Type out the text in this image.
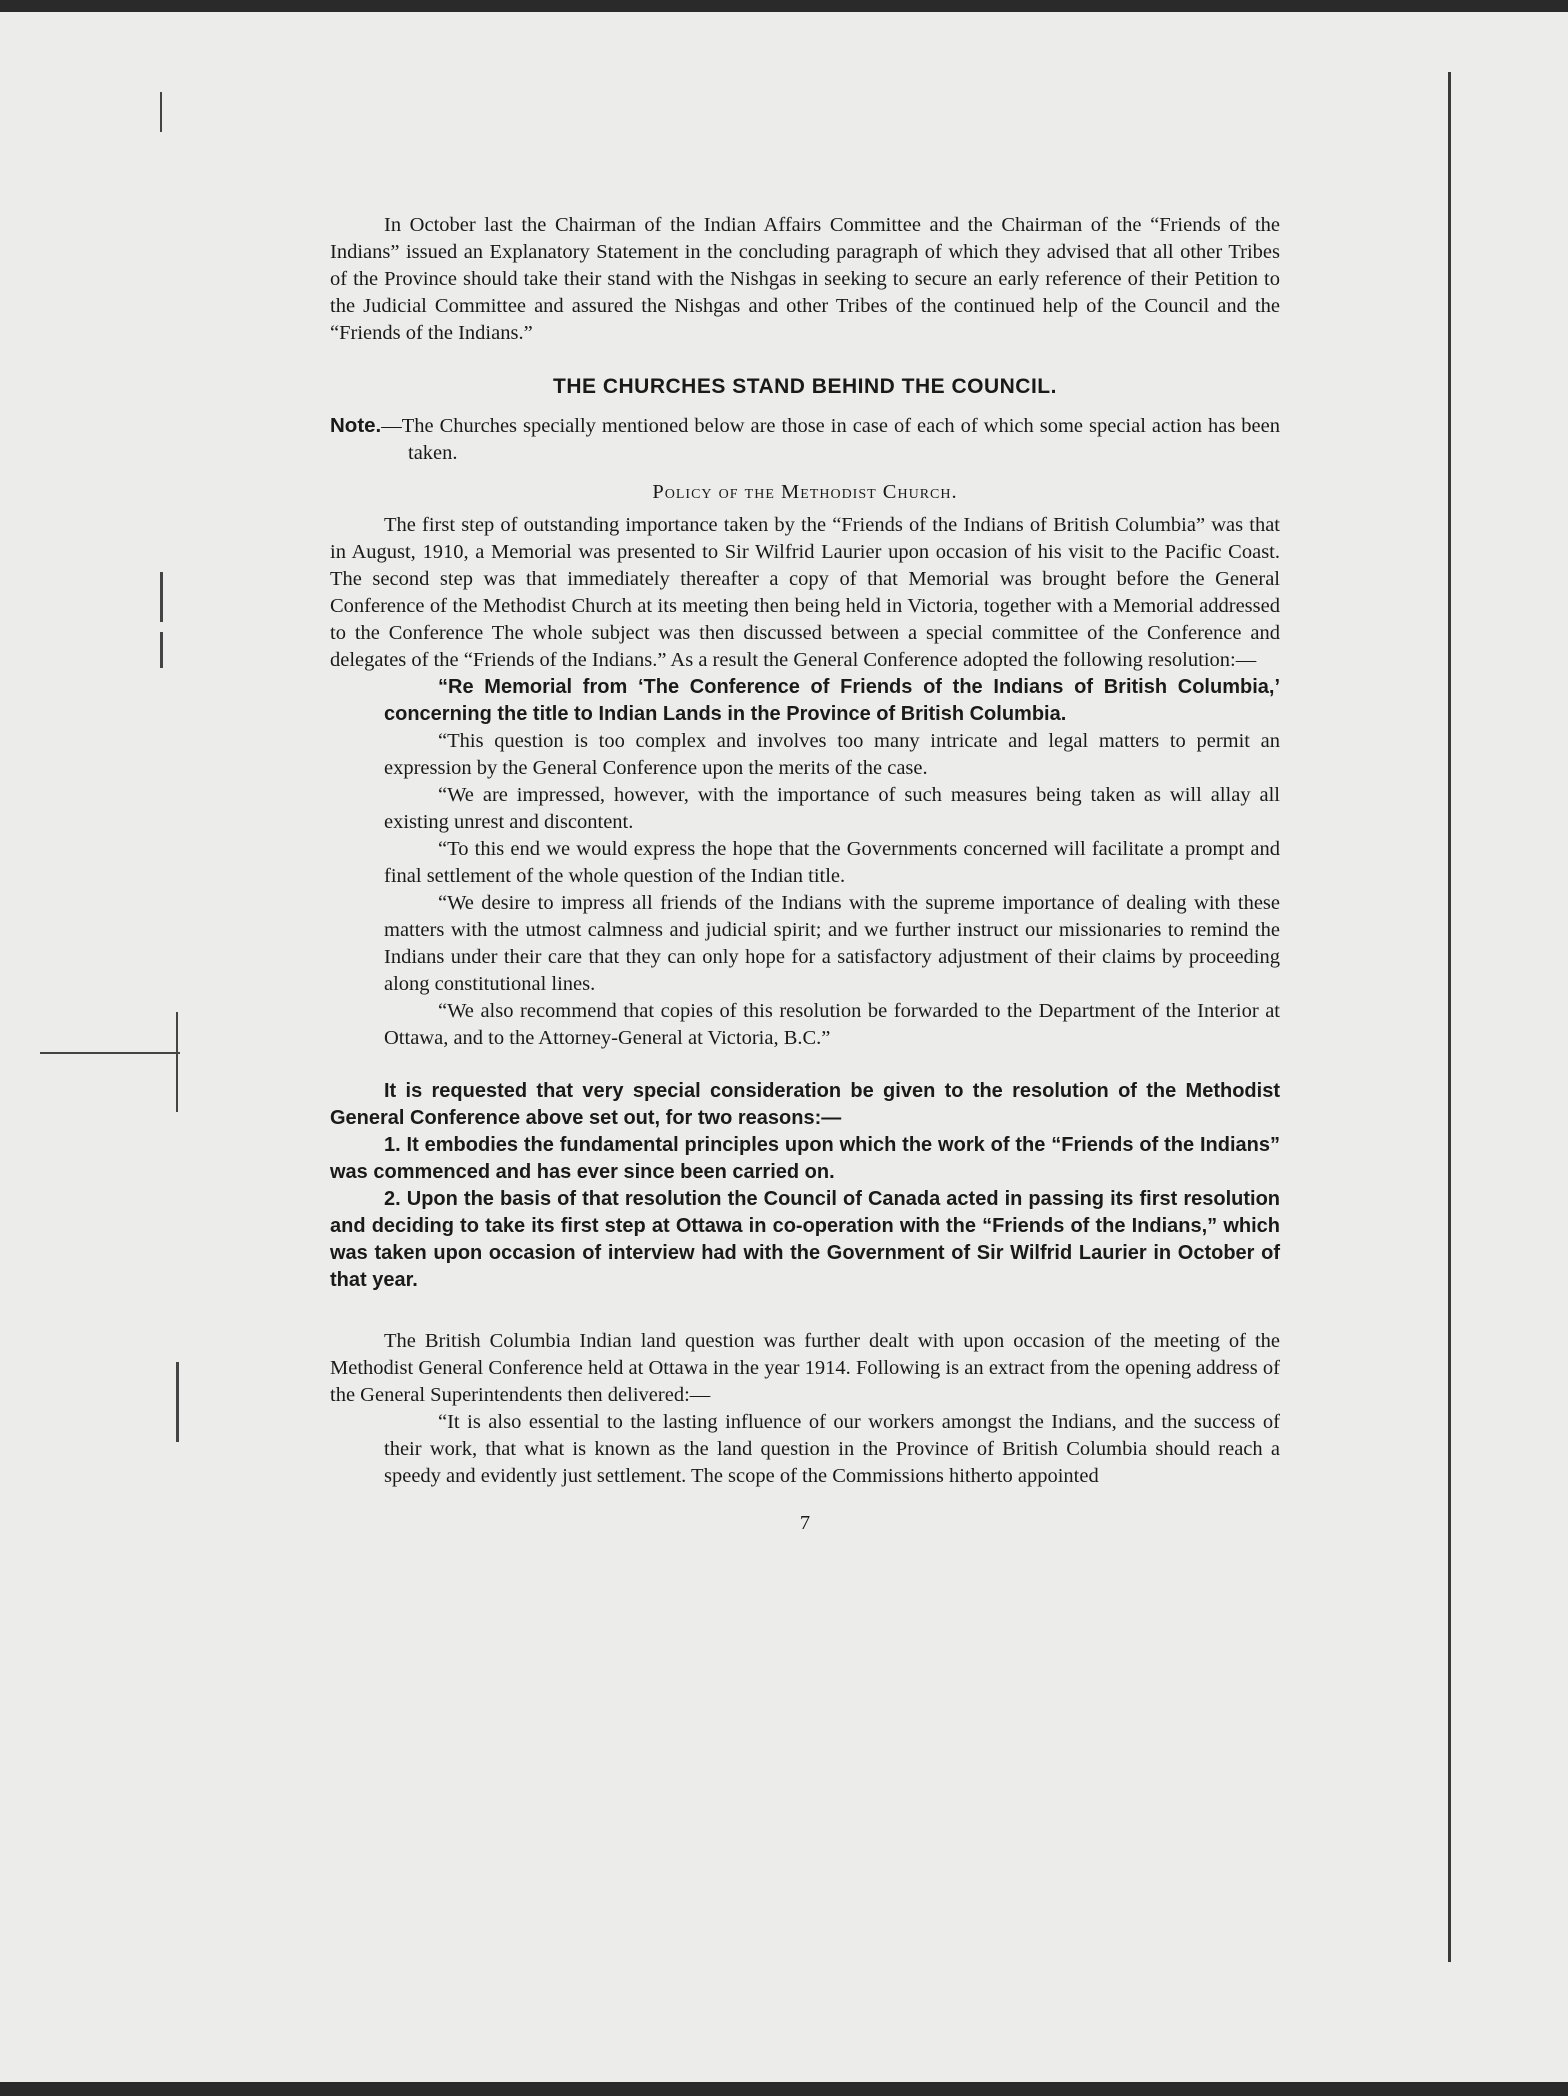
In October last the Chairman of the Indian Affairs Committee and the Chairman of the “Friends of the Indians” issued an Explanatory Statement in the concluding paragraph of which they advised that all other Tribes of the Province should take their stand with the Nishgas in seeking to secure an early reference of their Petition to the Judicial Committee and assured the Nishgas and other Tribes of the continued help of the Council and the “Friends of the Indians.”

THE CHURCHES STAND BEHIND THE COUNCIL.

Note.—The Churches specially mentioned below are those in case of each of which some special action has been taken.

Policy of the Methodist Church.

The first step of outstanding importance taken by the “Friends of the Indians of British Columbia” was that in August, 1910, a Memorial was presented to Sir Wilfrid Laurier upon occasion of his visit to the Pacific Coast. The second step was that immediately thereafter a copy of that Memorial was brought before the General Conference of the Methodist Church at its meeting then being held in Victoria, together with a Memorial addressed to the Conference The whole subject was then discussed between a special committee of the Conference and delegates of the “Friends of the Indians.” As a result the General Conference adopted the following resolution:—

“Re Memorial from ‘The Conference of Friends of the Indians of British Columbia,’ concerning the title to Indian Lands in the Province of British Columbia.

“This question is too complex and involves too many intricate and legal matters to permit an expression by the General Conference upon the merits of the case.

“We are impressed, however, with the importance of such measures being taken as will allay all existing unrest and discontent.

“To this end we would express the hope that the Governments concerned will facilitate a prompt and final settlement of the whole question of the Indian title.

“We desire to impress all friends of the Indians with the supreme importance of dealing with these matters with the utmost calmness and judicial spirit; and we further instruct our missionaries to remind the Indians under their care that they can only hope for a satisfactory adjustment of their claims by proceeding along constitutional lines.

“We also recommend that copies of this resolution be forwarded to the Department of the Interior at Ottawa, and to the Attorney-General at Victoria, B.C.”

It is requested that very special consideration be given to the resolution of the Methodist General Conference above set out, for two reasons:—

1. It embodies the fundamental principles upon which the work of the “Friends of the Indians” was commenced and has ever since been carried on.

2. Upon the basis of that resolution the Council of Canada acted in passing its first resolution and deciding to take its first step at Ottawa in co-operation with the “Friends of the Indians,” which was taken upon occasion of interview had with the Government of Sir Wilfrid Laurier in October of that year.

The British Columbia Indian land question was further dealt with upon occasion of the meeting of the Methodist General Conference held at Ottawa in the year 1914. Following is an extract from the opening address of the General Superintendents then delivered:—

“It is also essential to the lasting influence of our workers amongst the Indians, and the success of their work, that what is known as the land question in the Province of British Columbia should reach a speedy and evidently just settlement. The scope of the Commissions hitherto appointed

7
